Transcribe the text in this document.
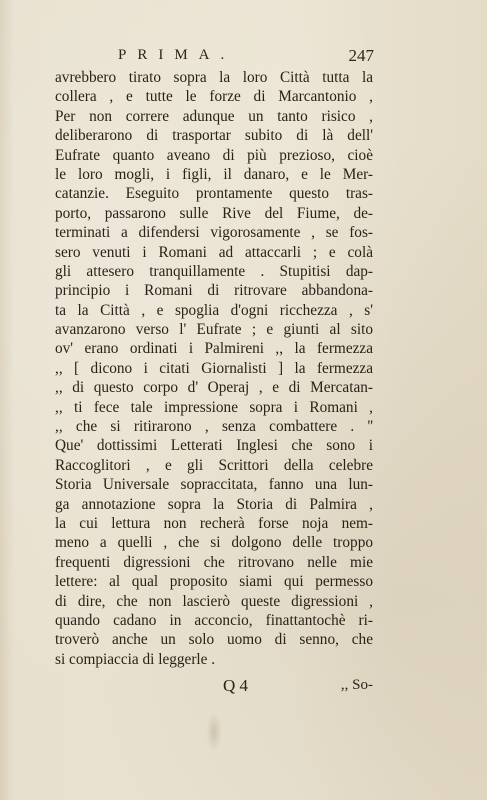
PRIMA.	247
avrebbero tirato sopra la loro Città tutta la
collera , e tutte le forze di Marcantonio ,
Per non correre adunque un tanto risico ,
deliberarono di trasportar subito di là dell'
Eufrate quanto aveano di più prezioso, cioè
le loro mogli, i figli, il danaro, e le Mer-
catanzie. Eseguito prontamente questo tras-
porto, passarono sulle Rive del Fiume, de-
terminati a difendersi vigorosamente , se fos-
sero venuti i Romani ad attaccarli ; e colà
gli attesero tranquillamente . Stupitisi dap-
principio i Romani di ritrovare abbandona-
ta la Città , e spoglia d'ogni ricchezza , s'
avanzarono verso l' Eufrate ; e giunti al sito
ov' erano ordinati i Palmireni ,, la fermezza
,, [ dicono i citati Giornalisti ] la fermezza
,, di questo corpo d' Operaj , e di Mercatan-
,, ti fece tale impressione sopra i Romani ,
,, che si ritirarono , senza combattere . ''
Que' dottissimi Letterati Inglesi che sono i
Raccoglitori , e gli Scrittori della celebre
Storia Universale sopraccitata, fanno una lun-
ga annotazione sopra la Storia di Palmira ,
la cui lettura non recherà forse noja nem-
meno a quelli , che si dolgono delle troppo
frequenti digressioni che ritrovano nelle mie
lettere: al qual proposito siami qui permesso
di dire, che non lascierò queste digressioni ,
quando cadano in acconcio, finattantochè ri-
troverò anche un solo uomo di senno, che
si compiaccia di leggerle .
Q 4	,, So-
